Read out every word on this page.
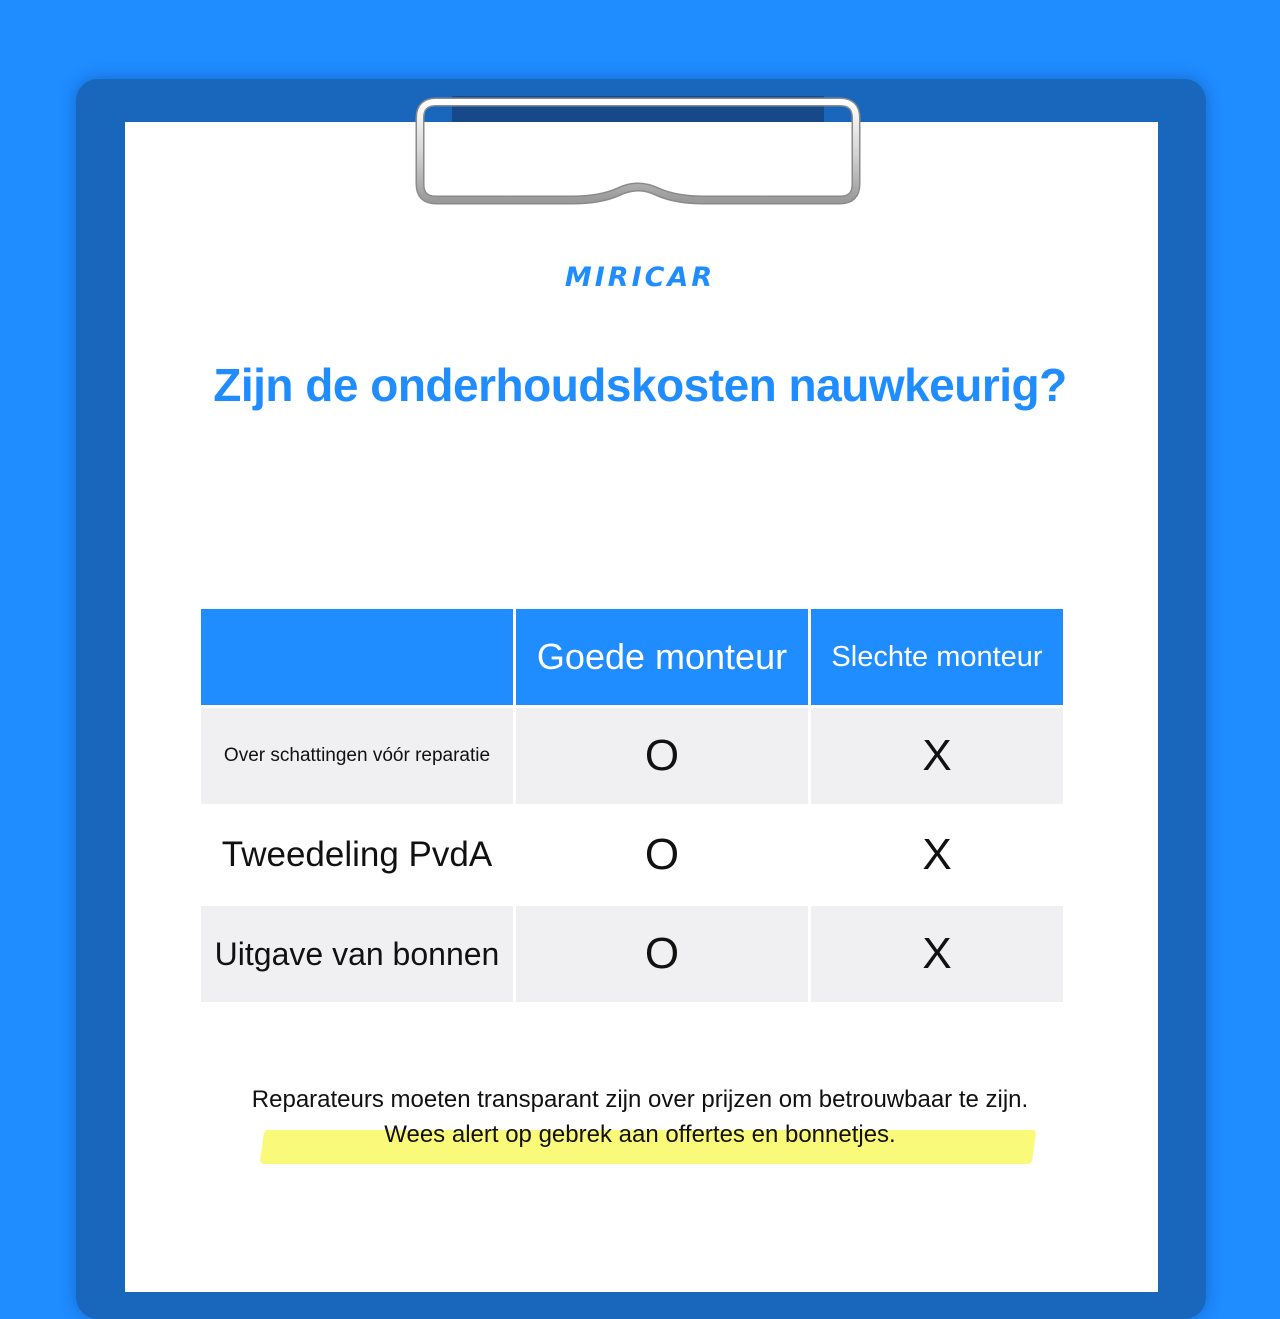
MIRICAR
Zijn de onderhoudskosten nauwkeurig?
	Goede monteur	Slechte monteur
Over schattingen vóór reparatie	O	X
Tweedeling PvdA	O	X
Uitgave van bonnen	O	X
Reparateurs moeten transparant zijn over prijzen om betrouwbaar te zijn.
Wees alert op gebrek aan offertes en bonnetjes.
